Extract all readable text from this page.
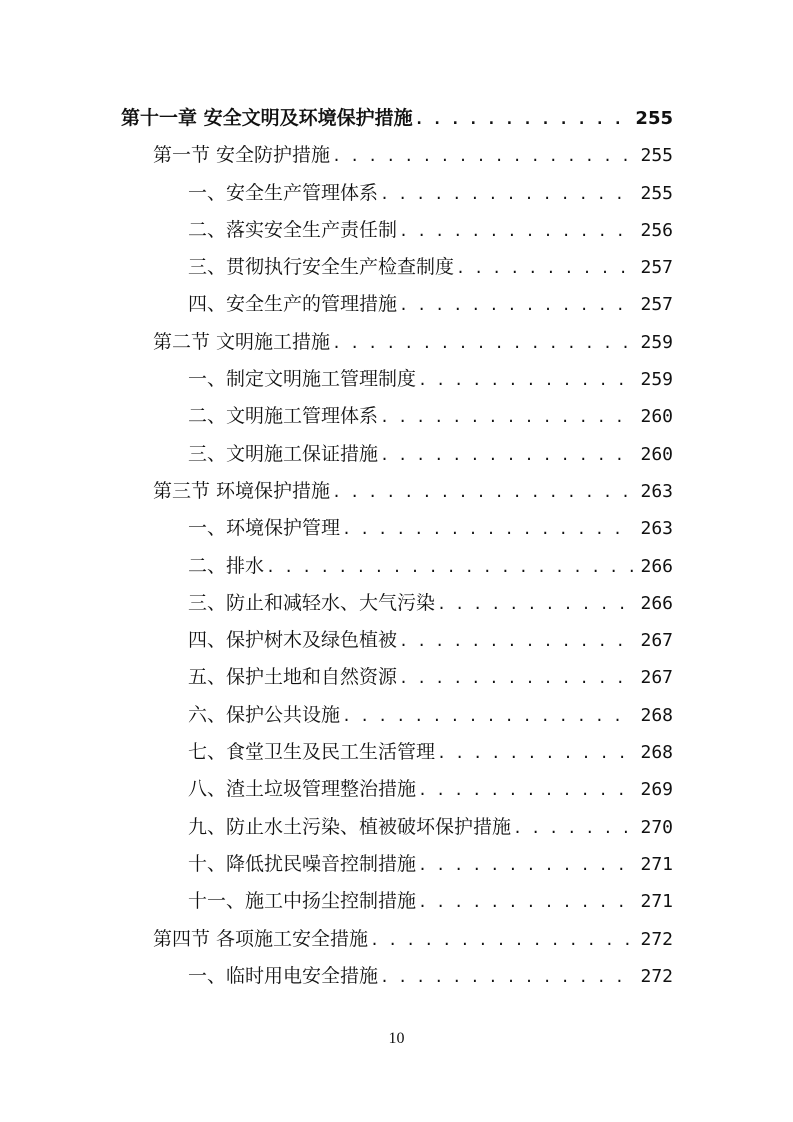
第十一章 安全文明及环境保护措施 . . .	255
第一节 安全防护措施 . . .	255
一、安全生产管理体系 . . .	255
二、落实安全生产责任制 . . .	256
三、贯彻执行安全生产检查制度 . . .	257
四、安全生产的管理措施 . . .	257
第二节 文明施工措施 . . .	259
一、制定文明施工管理制度 . . .	259
二、文明施工管理体系 . . .	260
三、文明施工保证措施 . . .	260
第三节 环境保护措施 . . .	263
一、环境保护管理 . . .	263
二、排水 . . .	266
三、防止和减轻水、大气污染 . . .	266
四、保护树木及绿色植被 . . .	267
五、保护土地和自然资源 . . .	267
六、保护公共设施 . . .	268
七、食堂卫生及民工生活管理 . . .	268
八、渣土垃圾管理整治措施 . . .	269
九、防止水土污染、植被破坏保护措施 . . .	270
十、降低扰民噪音控制措施 . . .	271
十一、施工中扬尘控制措施 . . .	271
第四节 各项施工安全措施 . . .	272
一、临时用电安全措施 . . .	272
10
